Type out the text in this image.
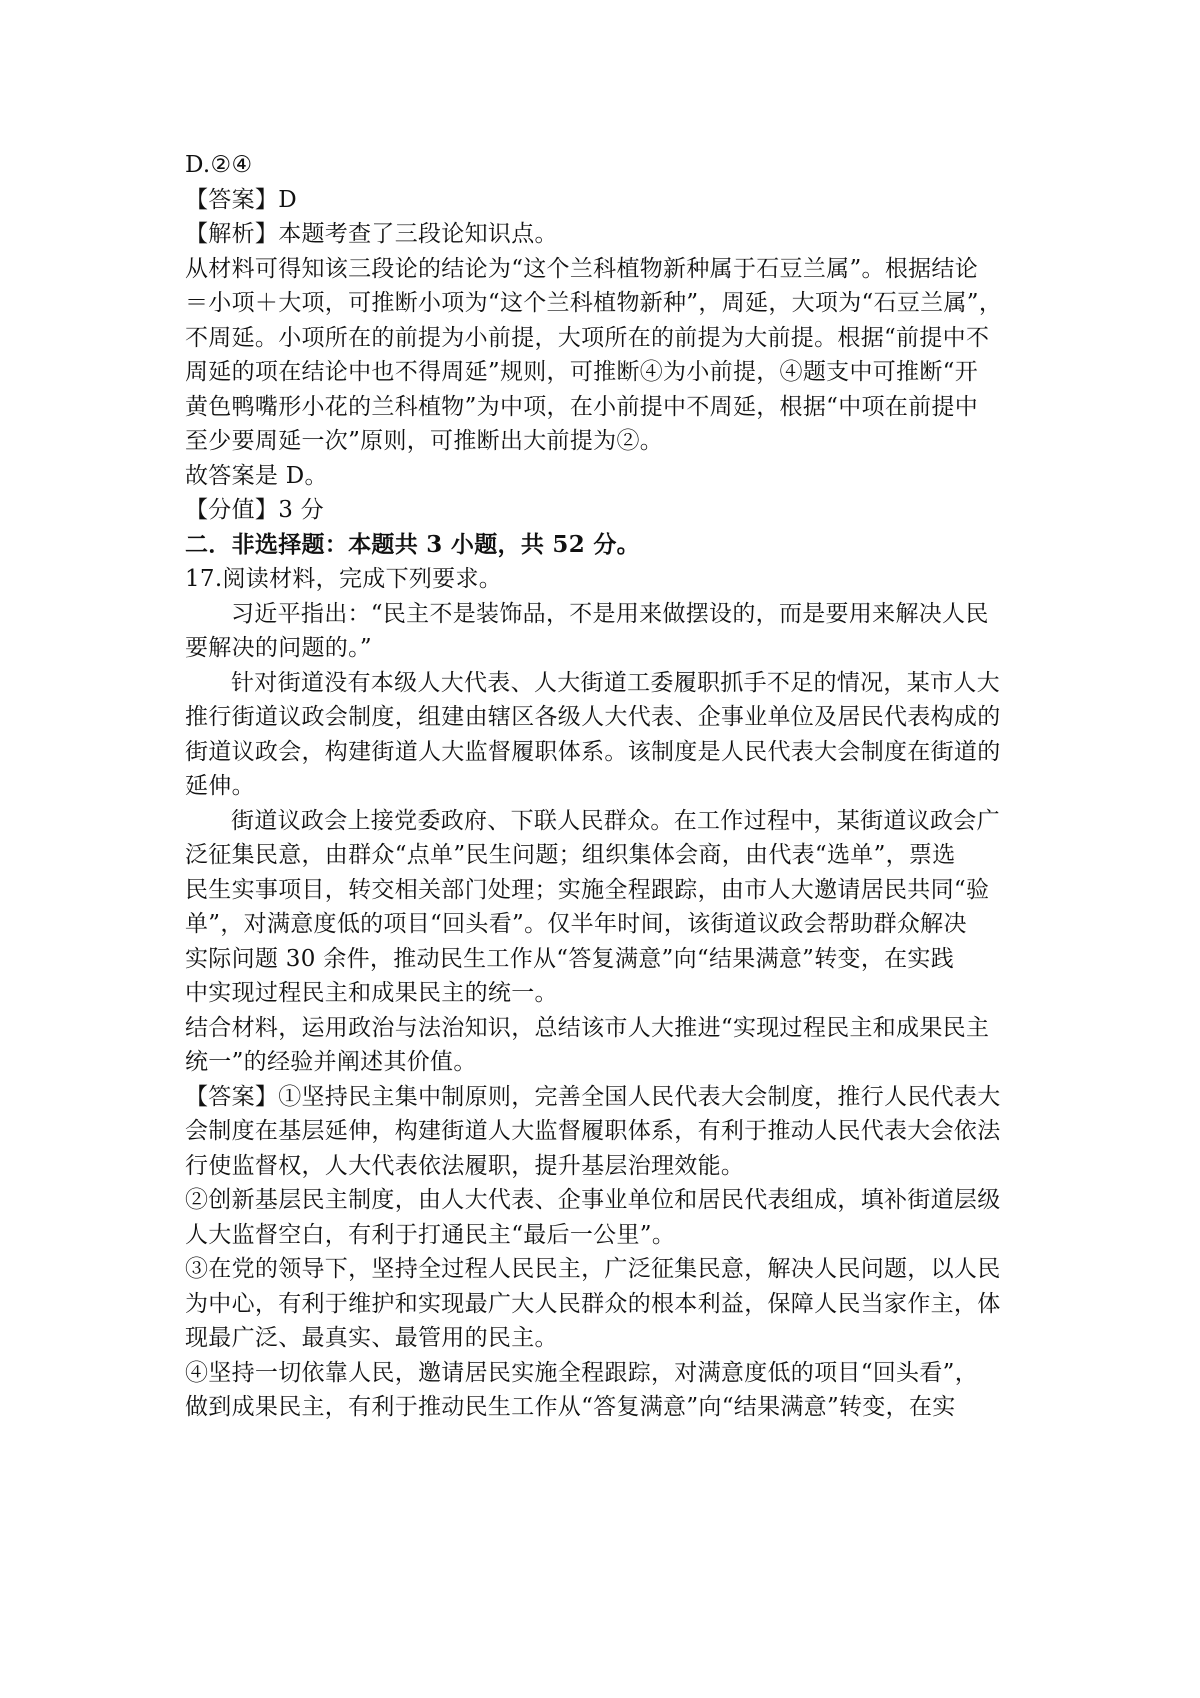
D.②④
【答案】D
【解析】本题考查了三段论知识点。
从材料可得知该三段论的结论为“这个兰科植物新种属于石豆兰属”。根据结论
＝小项＋大项，可推断小项为“这个兰科植物新种”，周延，大项为“石豆兰属”，
不周延。小项所在的前提为小前提，大项所在的前提为大前提。根据“前提中不
周延的项在结论中也不得周延”规则，可推断④为小前提，④题支中可推断“开
黄色鸭嘴形小花的兰科植物”为中项，在小前提中不周延，根据“中项在前提中
至少要周延一次”原则，可推断出大前提为②。
故答案是 D。
【分值】3 分
二．非选择题：本题共 3 小题，共 52 分。
17.阅读材料，完成下列要求。
习近平指出：“民主不是装饰品，不是用来做摆设的，而是要用来解决人民
要解决的问题的。”
针对街道没有本级人大代表、人大街道工委履职抓手不足的情况，某市人大
推行街道议政会制度，组建由辖区各级人大代表、企事业单位及居民代表构成的
街道议政会，构建街道人大监督履职体系。该制度是人民代表大会制度在街道的
延伸。
街道议政会上接党委政府、下联人民群众。在工作过程中，某街道议政会广
泛征集民意，由群众“点单”民生问题；组织集体会商，由代表“选单”，票选
民生实事项目，转交相关部门处理；实施全程跟踪，由市人大邀请居民共同“验
单”，对满意度低的项目“回头看”。仅半年时间，该街道议政会帮助群众解决
实际问题 30 余件，推动民生工作从“答复满意”向“结果满意”转变，在实践
中实现过程民主和成果民主的统一。
结合材料，运用政治与法治知识，总结该市人大推进“实现过程民主和成果民主
统一”的经验并阐述其价值。
【答案】①坚持民主集中制原则，完善全国人民代表大会制度，推行人民代表大
会制度在基层延伸，构建街道人大监督履职体系，有利于推动人民代表大会依法
行使监督权，人大代表依法履职，提升基层治理效能。
②创新基层民主制度，由人大代表、企事业单位和居民代表组成，填补街道层级
人大监督空白，有利于打通民主“最后一公里”。
③在党的领导下，坚持全过程人民民主，广泛征集民意，解决人民问题，以人民
为中心，有利于维护和实现最广大人民群众的根本利益，保障人民当家作主，体
现最广泛、最真实、最管用的民主。
④坚持一切依靠人民，邀请居民实施全程跟踪，对满意度低的项目“回头看”，
做到成果民主，有利于推动民生工作从“答复满意”向“结果满意”转变，在实
